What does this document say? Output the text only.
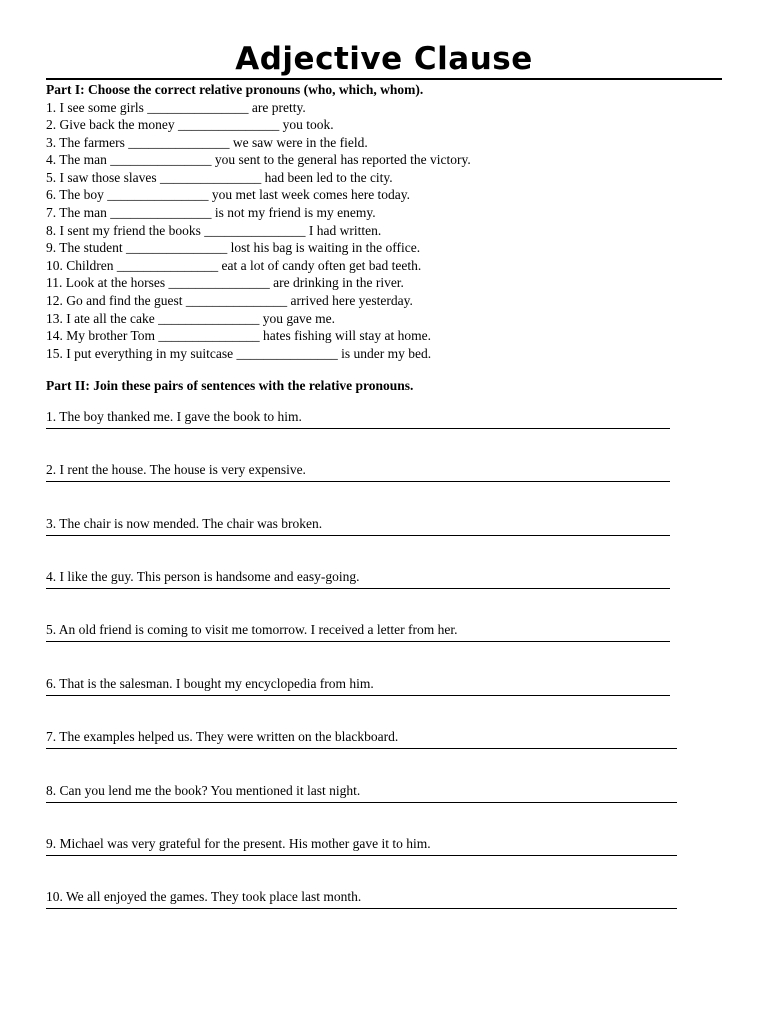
Adjective Clause

Part I: Choose the correct relative pronouns (who, which, whom).

1. I see some girls _______________ are pretty.
2. Give back the money _______________ you took.
3. The farmers _______________ we saw were in the field.
4. The man _______________ you sent to the general has reported the victory.
5. I saw those slaves _______________ had been led to the city.
6. The boy _______________ you met last week comes here today.
7. The man _______________ is not my friend is my enemy.
8. I sent my friend the books _______________ I had written.
9. The student _______________ lost his bag is waiting in the office.
10. Children _______________ eat a lot of candy often get bad teeth.
11. Look at the horses _______________ are drinking in the river.
12. Go and find the guest _______________ arrived here yesterday.
13. I ate all the cake _______________ you gave me.
14. My brother Tom _______________ hates fishing will stay at home.
15. I put everything in my suitcase _______________ is under my bed.

Part II: Join these pairs of sentences with the relative pronouns.

1. The boy thanked me. I gave the book to him.
2. I rent the house. The house is very expensive.
3. The chair is now mended. The chair was broken.
4. I like the guy. This person is handsome and easy-going.
5. An old friend is coming to visit me tomorrow. I received a letter from her.
6. That is the salesman. I bought my encyclopedia from him.
7. The examples helped us. They were written on the blackboard.
8. Can you lend me the book? You mentioned it last night.
9. Michael was very grateful for the present. His mother gave it to him.
10. We all enjoyed the games. They took place last month.
